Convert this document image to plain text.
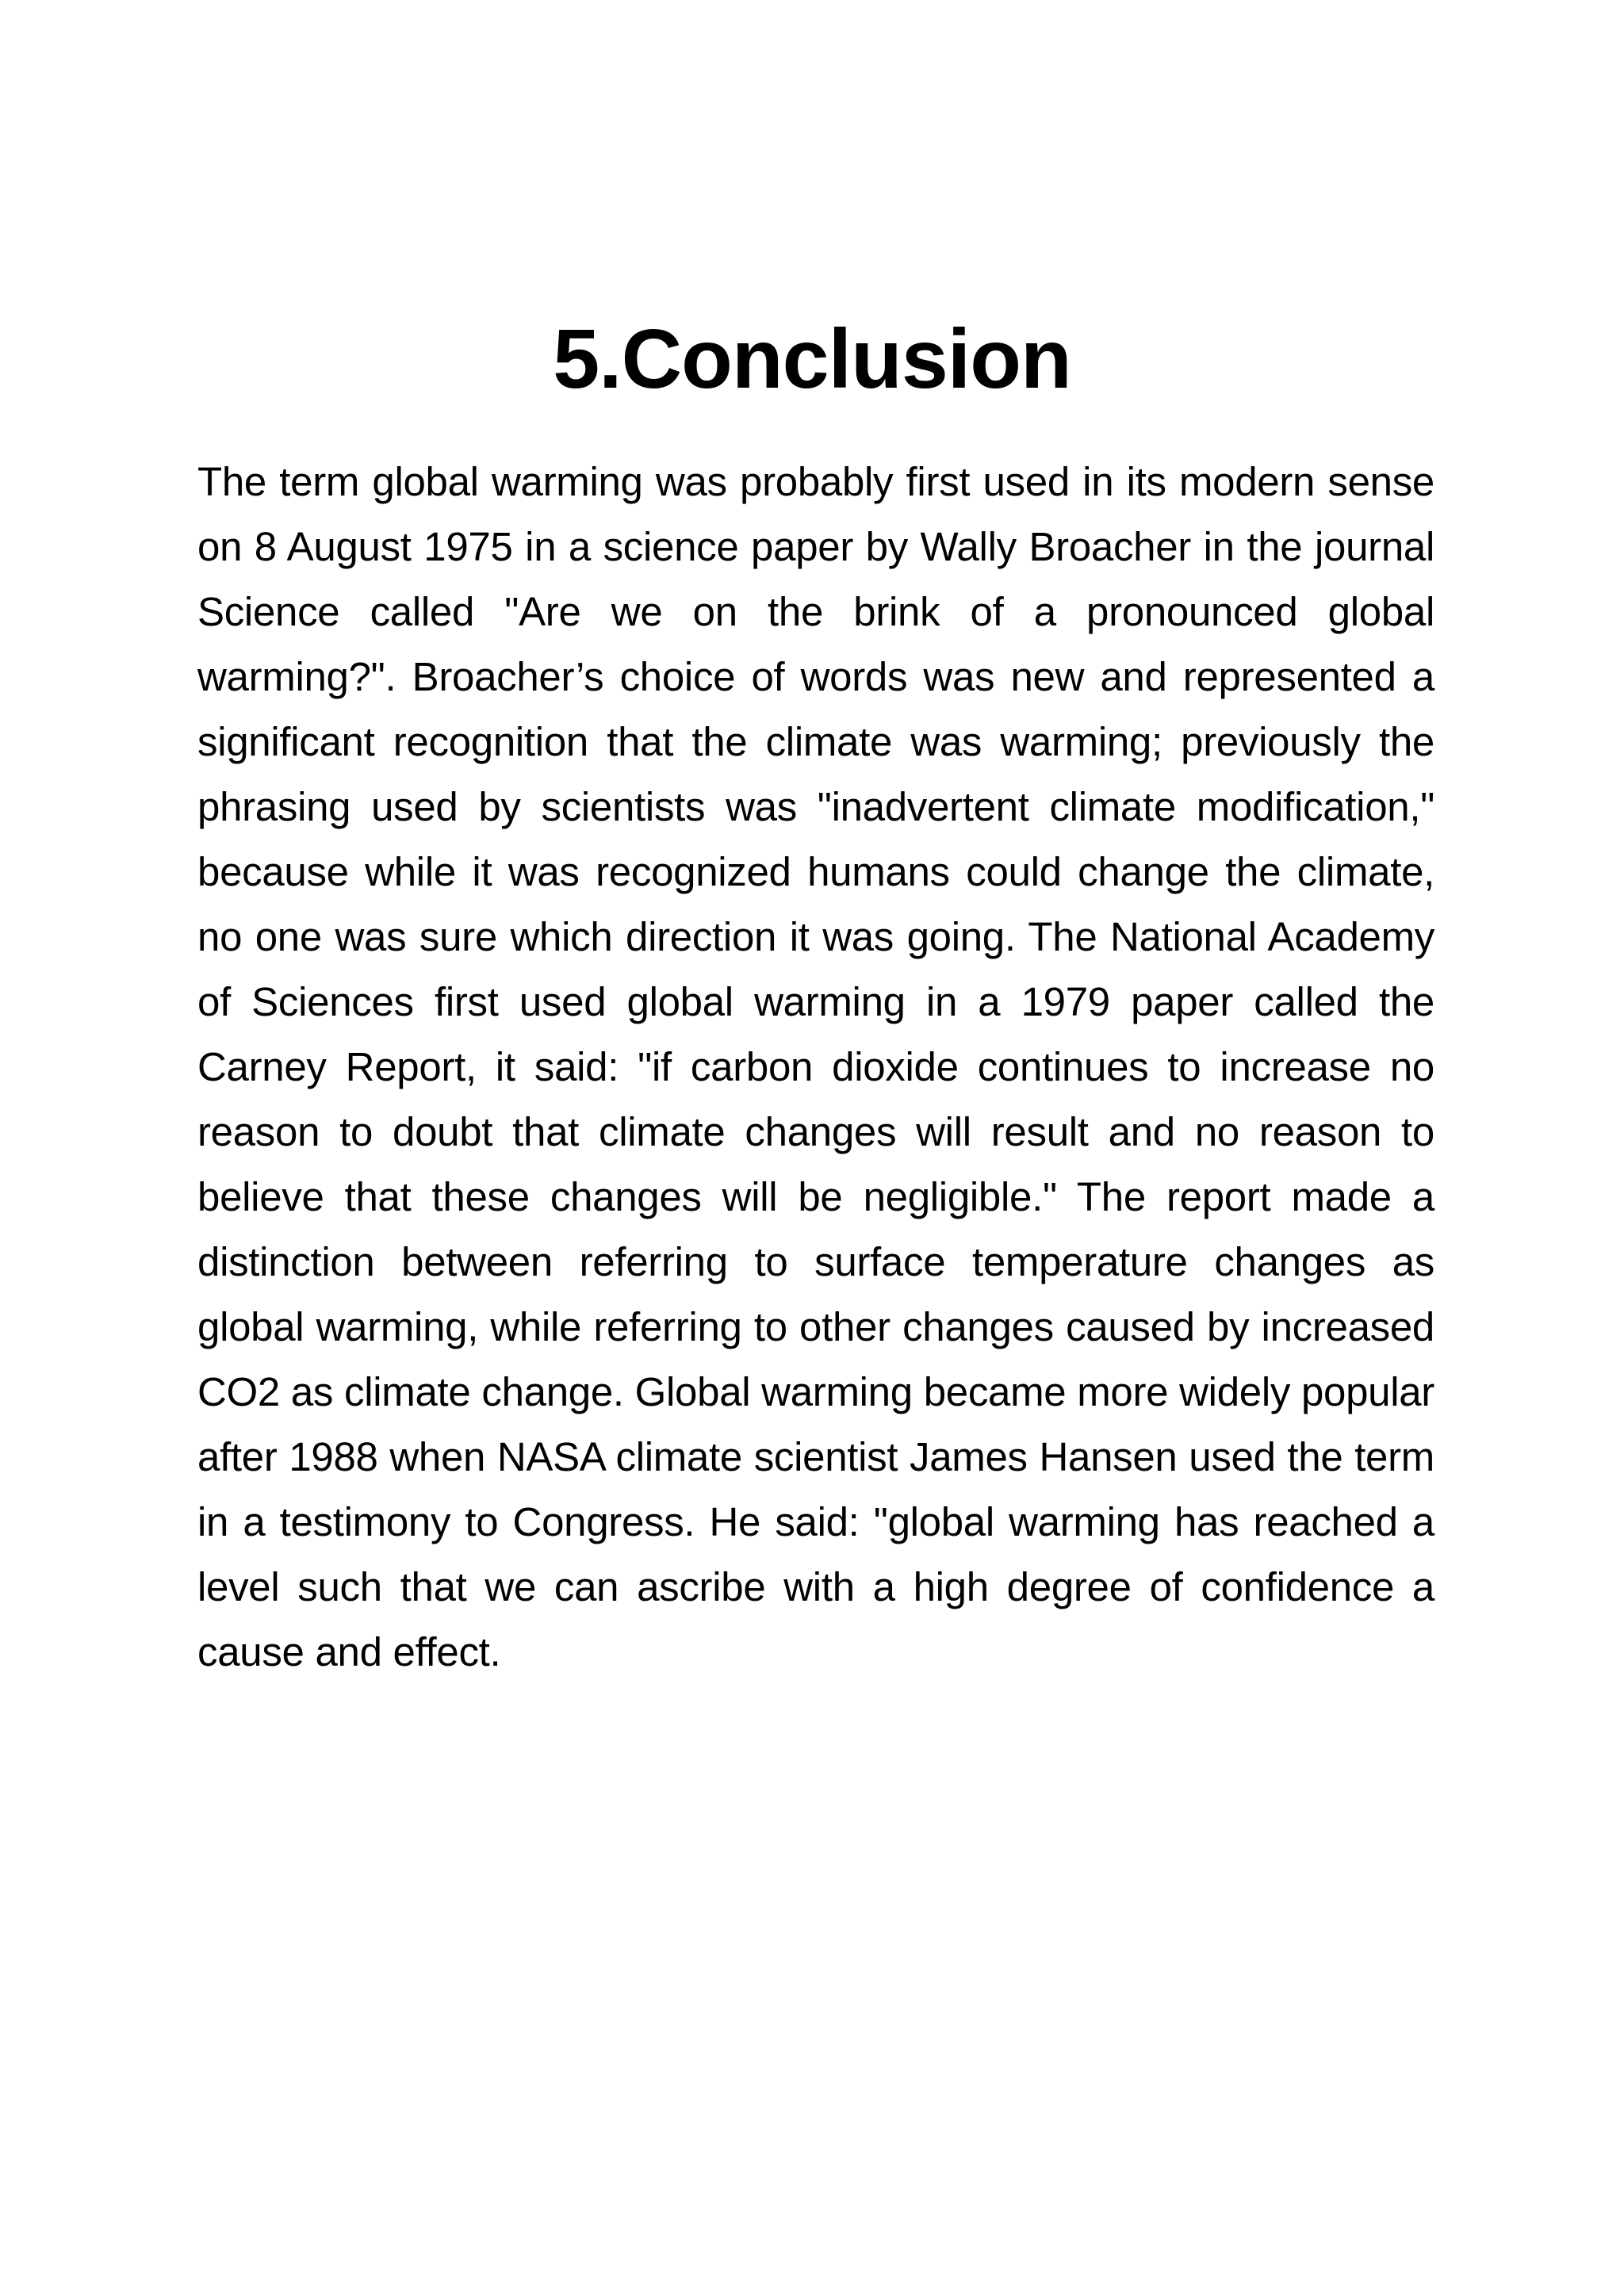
5.Conclusion

The term global warming was probably first used in its modern sense on 8 August 1975 in a science paper by Wally Broacher in the journal Science called "Are we on the brink of a pronounced global warming?". Broacher’s choice of words was new and represented a significant recognition that the climate was warming; previously the phrasing used by scientists was "inadvertent climate modification," because while it was recognized humans could change the climate, no one was sure which direction it was going. The National Academy of Sciences first used global warming in a 1979 paper called the Carney Report, it said: "if carbon dioxide continues to increase no reason to doubt that climate changes will result and no reason to believe that these changes will be negligible." The report made a distinction between referring to surface temperature changes as global warming, while referring to other changes caused by increased CO2 as climate change. Global warming became more widely popular after 1988 when NASA climate scientist James Hansen used the term in a testimony to Congress. He said: "global warming has reached a level such that we can ascribe with a high degree of confidence a cause and effect.
